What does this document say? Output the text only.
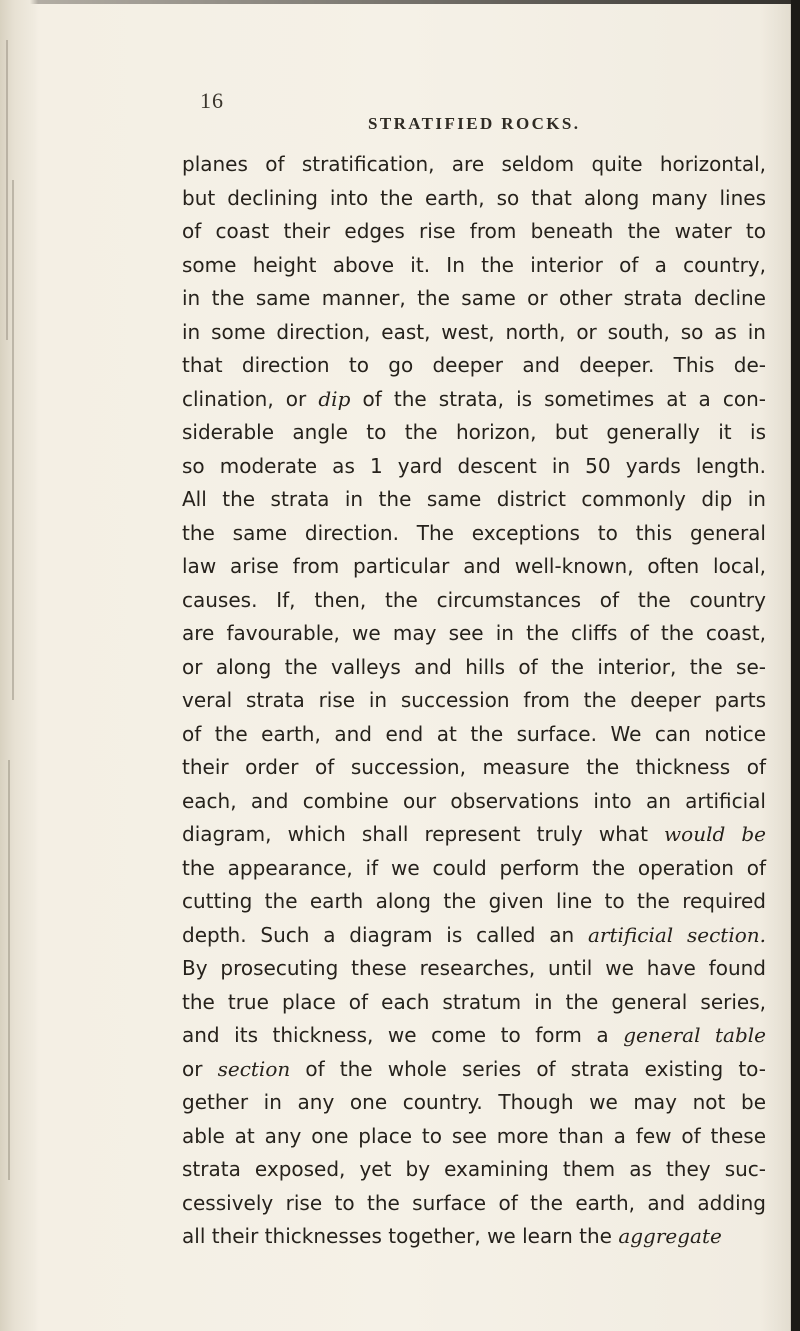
16
STRATIFIED ROCKS.
planes of stratification, are seldom quite horizontal,
but declining into the earth, so that along many lines
of coast their edges rise from beneath the water to
some height above it. In the interior of a country,
in the same manner, the same or other strata decline
in some direction, east, west, north, or south, so as in
that direction to go deeper and deeper. This de-
clination, or dip of the strata, is sometimes at a con-
siderable angle to the horizon, but generally it is
so moderate as 1 yard descent in 50 yards length.
All the strata in the same district commonly dip in
the same direction. The exceptions to this general
law arise from particular and well-known, often local,
causes. If, then, the circumstances of the country
are favourable, we may see in the cliffs of the coast,
or along the valleys and hills of the interior, the se-
veral strata rise in succession from the deeper parts
of the earth, and end at the surface. We can notice
their order of succession, measure the thickness of
each, and combine our observations into an artificial
diagram, which shall represent truly what would be
the appearance, if we could perform the operation of
cutting the earth along the given line to the required
depth. Such a diagram is called an artificial section.
By prosecuting these researches, until we have found
the true place of each stratum in the general series,
and its thickness, we come to form a general table
or section of the whole series of strata existing to-
gether in any one country. Though we may not be
able at any one place to see more than a few of these
strata exposed, yet by examining them as they suc-
cessively rise to the surface of the earth, and adding
all their thicknesses together, we learn the aggregate
